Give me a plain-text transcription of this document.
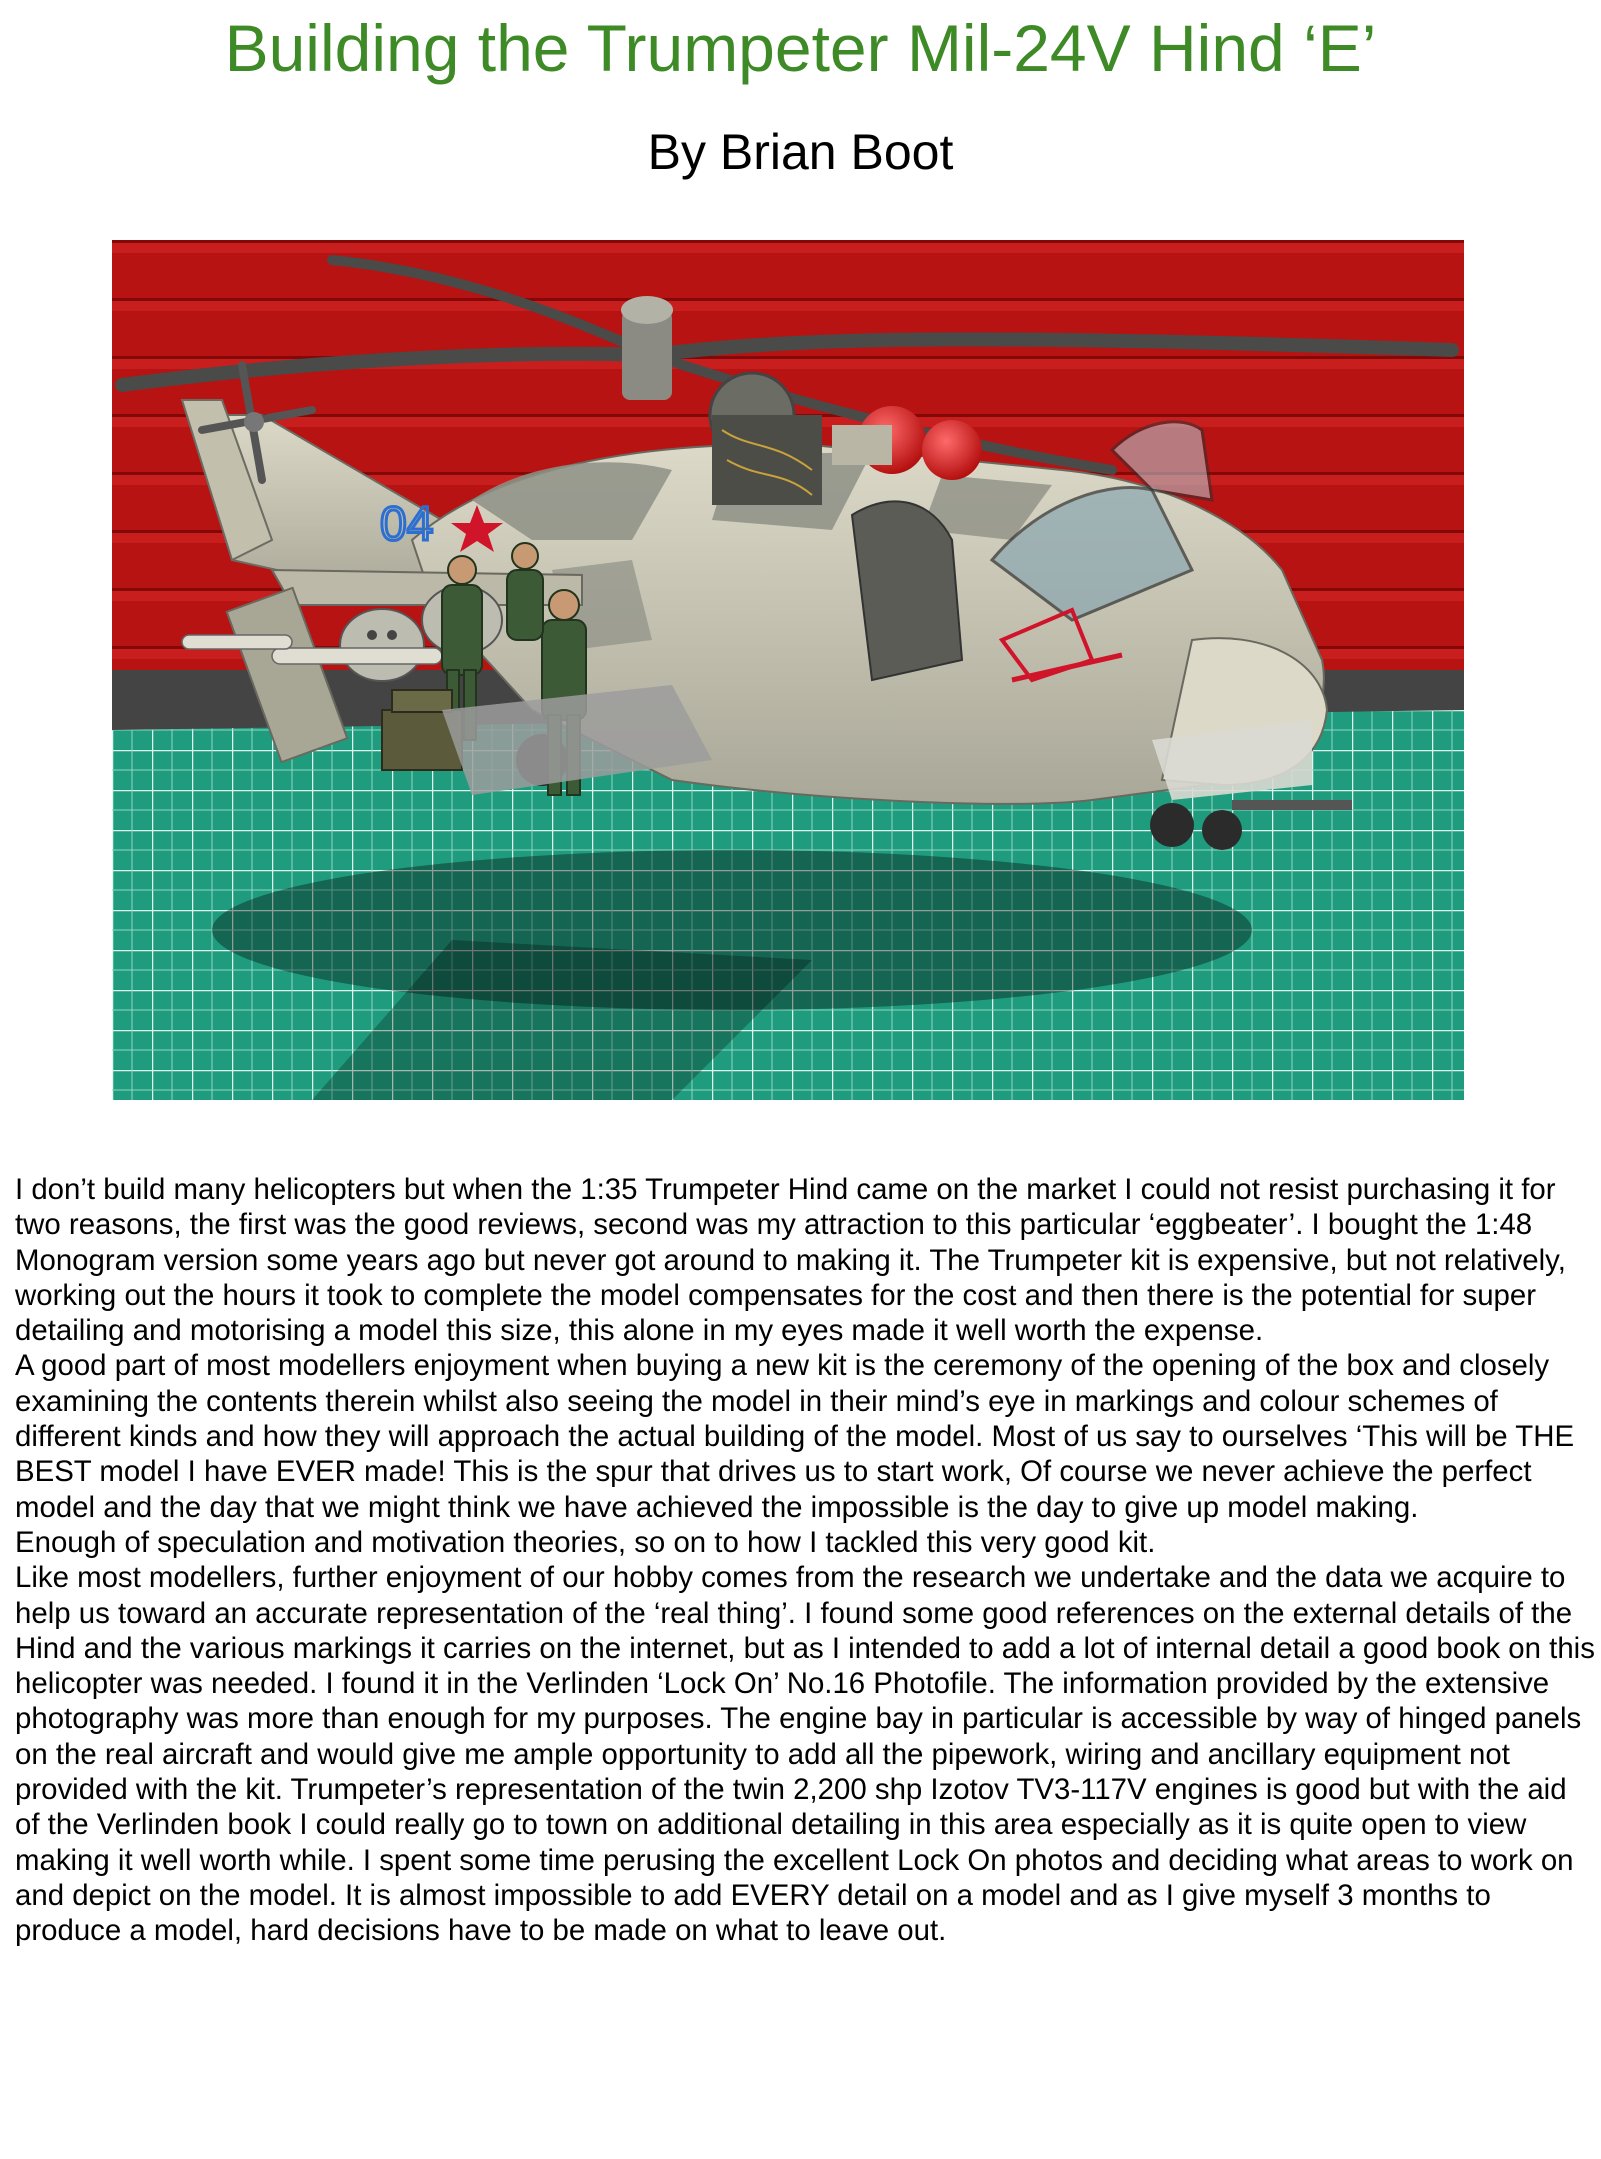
Building the Trumpeter Mil-24V Hind ‘E’
By Brian Boot
04

I don’t build many helicopters but when the 1:35 Trumpeter Hind came on the market I could not resist purchasing it for two reasons, the first was the good reviews, second was my attraction to this particular ‘eggbeater’. I bought the 1:48 Monogram version some years ago but never got around to making it. The Trumpeter kit is expensive, but not relatively, working out the hours it took to complete the model compensates for the cost and then there is the potential for super detailing and motorising a model this size, this alone in my eyes made it well worth the expense.

A good part of most modellers enjoyment when buying a new kit is the ceremony of the opening of the box and closely examining the contents therein whilst also seeing the model in their mind’s eye in markings and colour schemes of different kinds and how they will approach the actual building of the model. Most of us say to ourselves ‘This will be THE BEST model I have EVER made! This is the spur that drives us to start work, Of course we never achieve the perfect model and the day that we might think we have achieved the impossible is the day to give up model making.

Enough of speculation and motivation theories, so on to how I tackled this very good kit.

Like most modellers, further enjoyment of our hobby comes from the research we undertake and the data we acquire to help us toward an accurate representation of the ‘real thing’. I found some good references on the external details of the Hind and the various markings it carries on the internet, but as I intended to add a lot of internal detail a good book on this helicopter was needed. I found it in the Verlinden ‘Lock On’ No.16 Photofile. The information provided by the extensive photography was more than enough for my purposes. The engine bay in particular is accessible by way of hinged panels on the real aircraft and would give me ample opportunity to add all the pipework, wiring and ancillary equipment not provided with the kit. Trumpeter’s representation of the twin 2,200 shp Izotov TV3-117V engines is good but with the aid of the Verlinden book I could really go to town on additional detailing in this area especially as it is quite open to view making it well worth while. I spent some time perusing the excellent Lock On photos and deciding what areas to work on and depict on the model. It is almost impossible to add EVERY detail on a model and as I give myself 3 months to produce a model, hard decisions have to be made on what to leave out.
